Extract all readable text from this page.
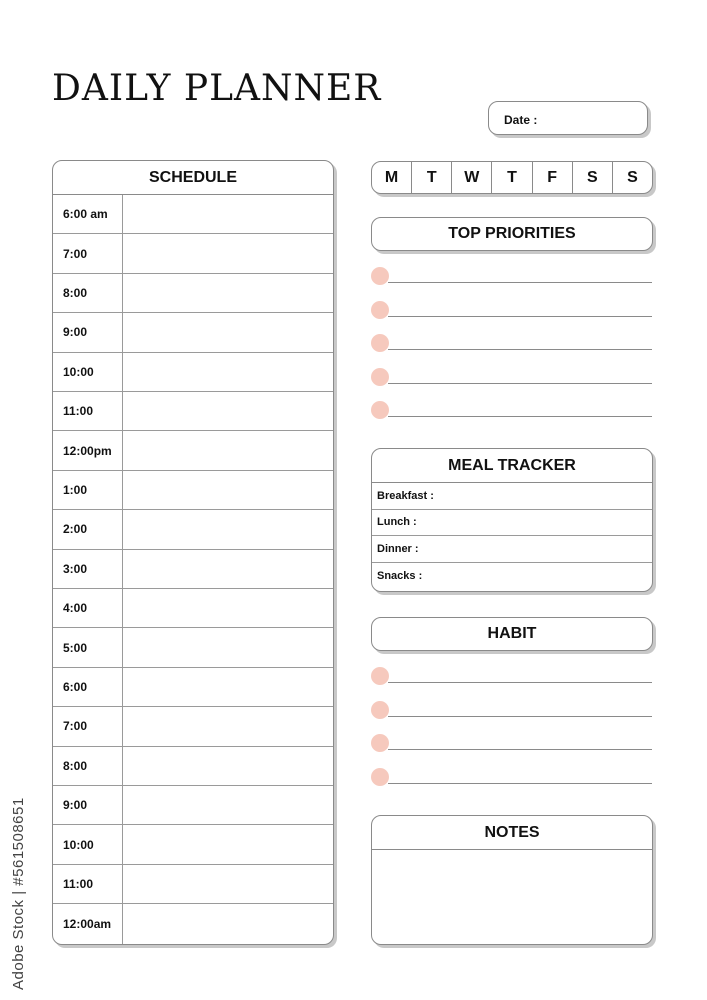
DAILY PLANNER
Date :
SCHEDULE
6:00 am
7:00
8:00
9:00
10:00
11:00
12:00pm
1:00
2:00
3:00
4:00
5:00
6:00
7:00
8:00
9:00
10:00
11:00
12:00am
M	T	W	T	F	S	S
TOP PRIORITIES
MEAL TRACKER
Breakfast :
Lunch :
Dinner :
Snacks :
HABIT
NOTES
Adobe Stock | #561508651
